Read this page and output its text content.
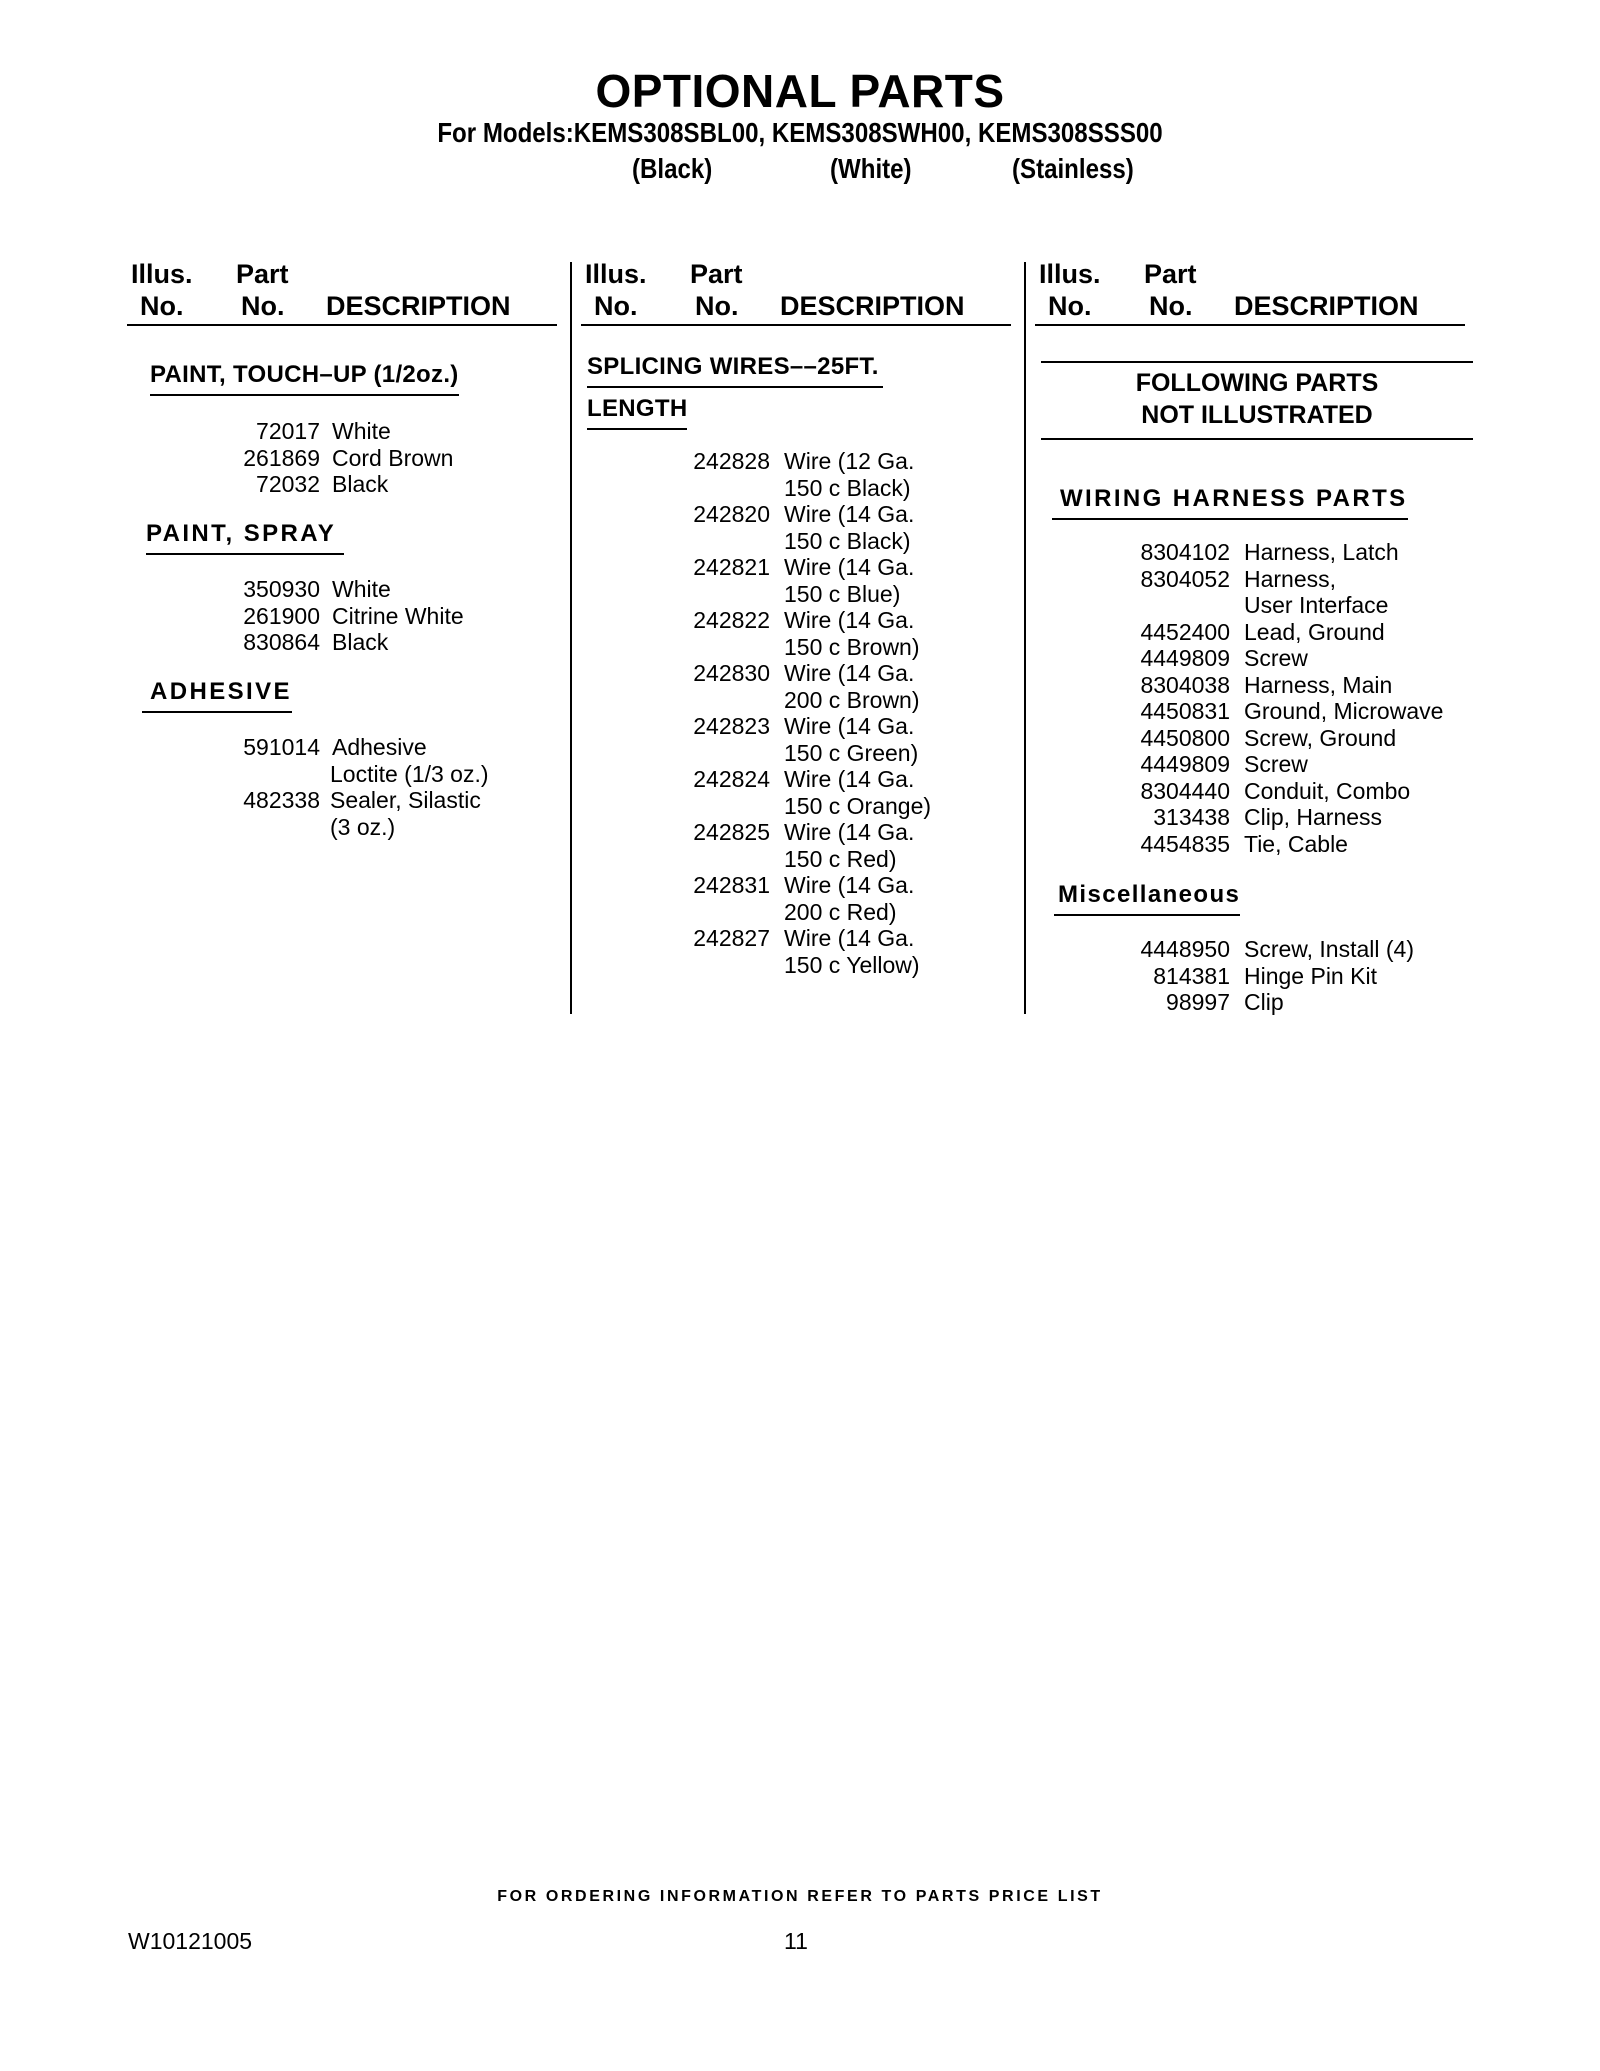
OPTIONAL PARTS
For Models:KEMS308SBL00, KEMS308SWH00, KEMS308SSS00
(Black)	(White)	(Stainless)
Illus.
No.
Part
No. DESCRIPTION
Illus.
No.
Part
No. DESCRIPTION
Illus.
No.
Part
No. DESCRIPTION
PAINT, TOUCH–UP (1/2oz.)
72017 White
261869 Cord Brown
72032 Black
PAINT, SPRAY
350930 White
261900 Citrine White
830864 Black
ADHESIVE
591014 Adhesive
Loctite (1/3 oz.)
482338 Sealer, Silastic
(3 oz.)
SPLICING WIRES––25FT.
LENGTH
242828 Wire (12 Ga.
150 c Black)
242820 Wire (14 Ga.
150 c Black)
242821 Wire (14 Ga.
150 c Blue)
242822 Wire (14 Ga.
150 c Brown)
242830 Wire (14 Ga.
200 c Brown)
242823 Wire (14 Ga.
150 c Green)
242824 Wire (14 Ga.
150 c Orange)
242825 Wire (14 Ga.
150 c Red)
242831 Wire (14 Ga.
200 c Red)
242827 Wire (14 Ga.
150 c Yellow)
FOLLOWING PARTS
NOT ILLUSTRATED
WIRING HARNESS PARTS
8304102 Harness, Latch
8304052 Harness,
User Interface
4452400 Lead, Ground
4449809 Screw
8304038 Harness, Main
4450831 Ground, Microwave
4450800 Screw, Ground
4449809 Screw
8304440 Conduit, Combo
313438 Clip, Harness
4454835 Tie, Cable
Miscellaneous
4448950 Screw, Install (4)
814381 Hinge Pin Kit
98997 Clip
FOR ORDERING INFORMATION REFER TO PARTS PRICE LIST
W10121005	11
